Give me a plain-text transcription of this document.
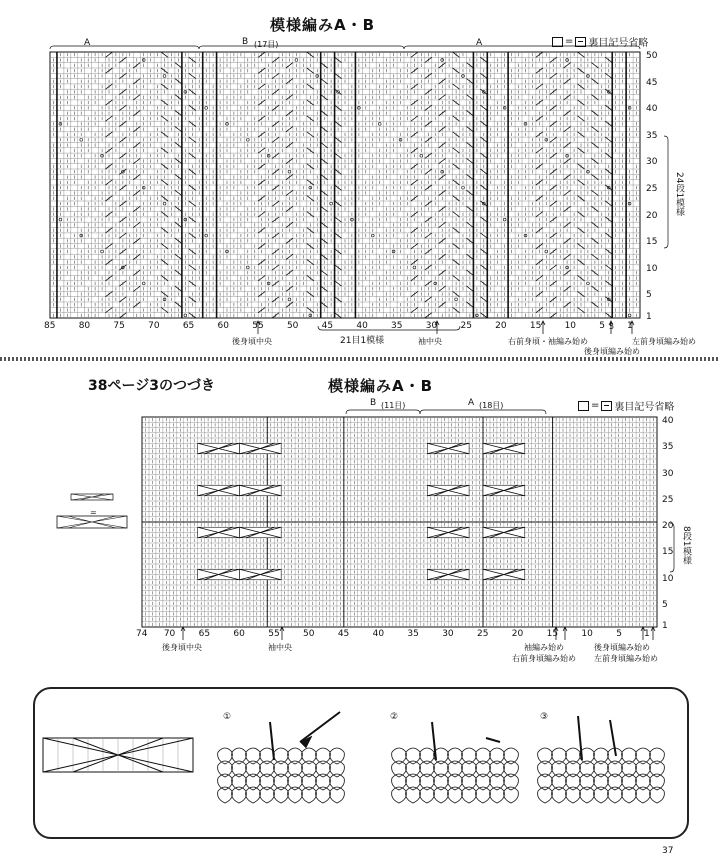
模様編みA・B
= 裏目記号省略
A	B (17目)	A
85	80	75	70	65	60	55	50	45	40	35	30	25	20	15	10	5 1
50
45
40
35
30
25
20
15
10
5
1
24段1模様
後身頃中央	21目1模様	袖中央	右前身頃・袖編み始め	左前身頃編み始め
後身頃編み始め
5
38ページ3のつづき	模様編みA・B
= 裏目記号省略
B (11目)	A (18目)
74 70	65	60	55	50	45	40	35	30	25	20	15	10	5 1
40
35
30
25
20
15
10
5
1
8段1模様
=
後身頃中央	袖中央	袖編み始め
右前身頃編み始め
後身頃編み始め
左前身頃編み始め
①	②	③
37
